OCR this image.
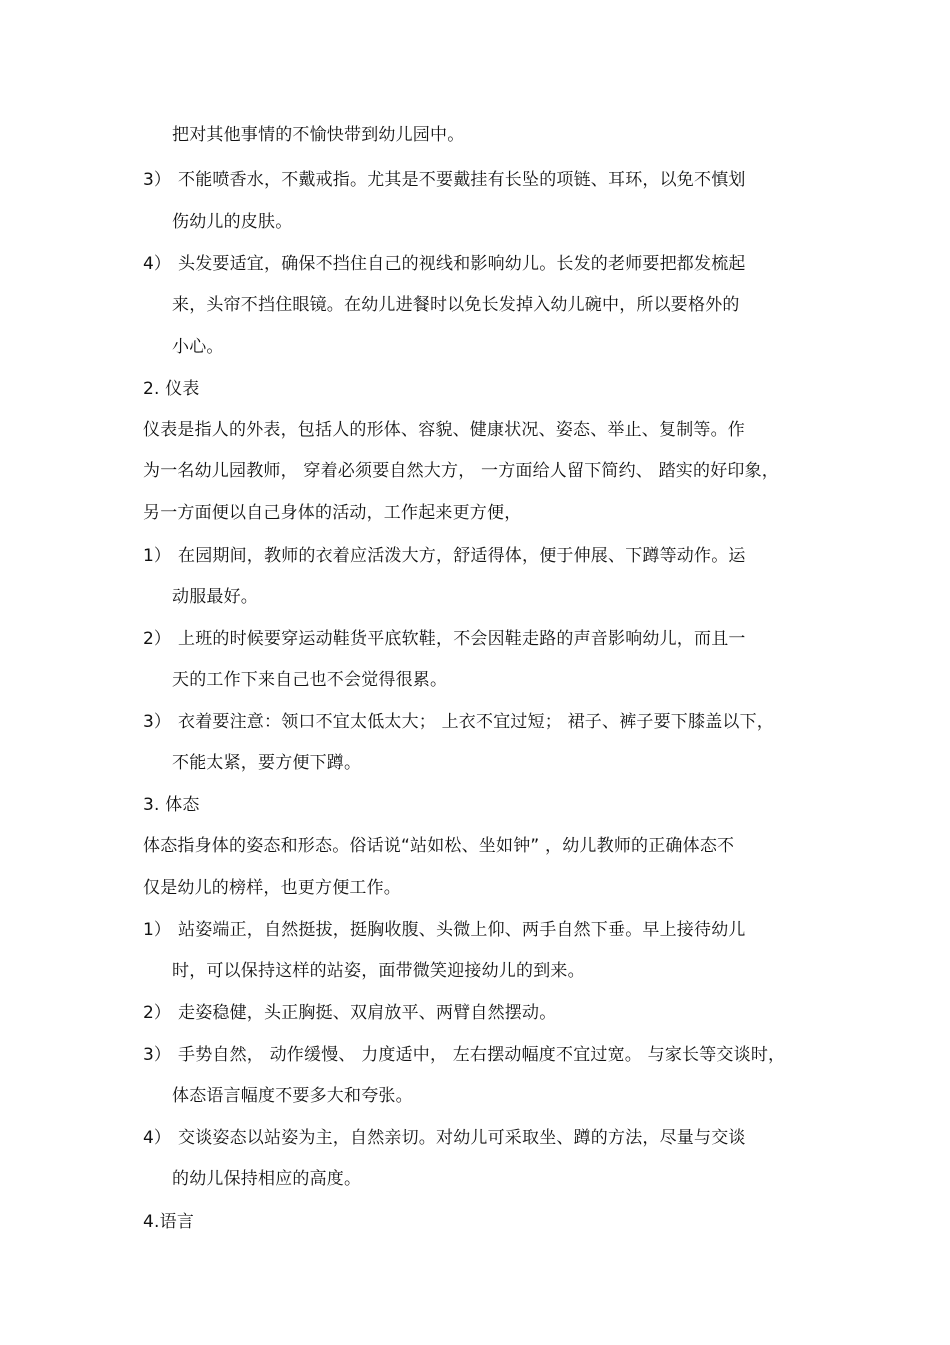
把对其他事情的不愉快带到幼儿园中。
3） 不能喷香水，不戴戒指。尤其是不要戴挂有长坠的项链、耳环，以免不慎划
伤幼儿的皮肤。
4） 头发要适宜，确保不挡住自己的视线和影响幼儿。长发的老师要把都发梳起
来，头帘不挡住眼镜。在幼儿进餐时以免长发掉入幼儿碗中，所以要格外的
小心。
2. 仪表
仪表是指人的外表，包括人的形体、容貌、健康状况、姿态、举止、复制等。作
为一名幼儿园教师， 穿着必须要自然大方， 一方面给人留下简约、 踏实的好印象，
另一方面便以自己身体的活动，工作起来更方便，
1） 在园期间，教师的衣着应活泼大方，舒适得体，便于伸展、下蹲等动作。运
动服最好。
2） 上班的时候要穿运动鞋货平底软鞋，不会因鞋走路的声音影响幼儿，而且一
天的工作下来自己也不会觉得很累。
3） 衣着要注意：领口不宜太低太大； 上衣不宜过短； 裙子、裤子要下膝盖以下，
不能太紧，要方便下蹲。
3. 体态
体态指身体的姿态和形态。俗话说“站如松、坐如钟” ，幼儿教师的正确体态不
仅是幼儿的榜样，也更方便工作。
1） 站姿端正，自然挺拔，挺胸收腹、头微上仰、两手自然下垂。早上接待幼儿
时，可以保持这样的站姿，面带微笑迎接幼儿的到来。
2） 走姿稳健，头正胸挺、双肩放平、两臂自然摆动。
3） 手势自然， 动作缓慢、 力度适中， 左右摆动幅度不宜过宽。 与家长等交谈时，
体态语言幅度不要多大和夸张。
4） 交谈姿态以站姿为主，自然亲切。对幼儿可采取坐、蹲的方法，尽量与交谈
的幼儿保持相应的高度。
4.语言
